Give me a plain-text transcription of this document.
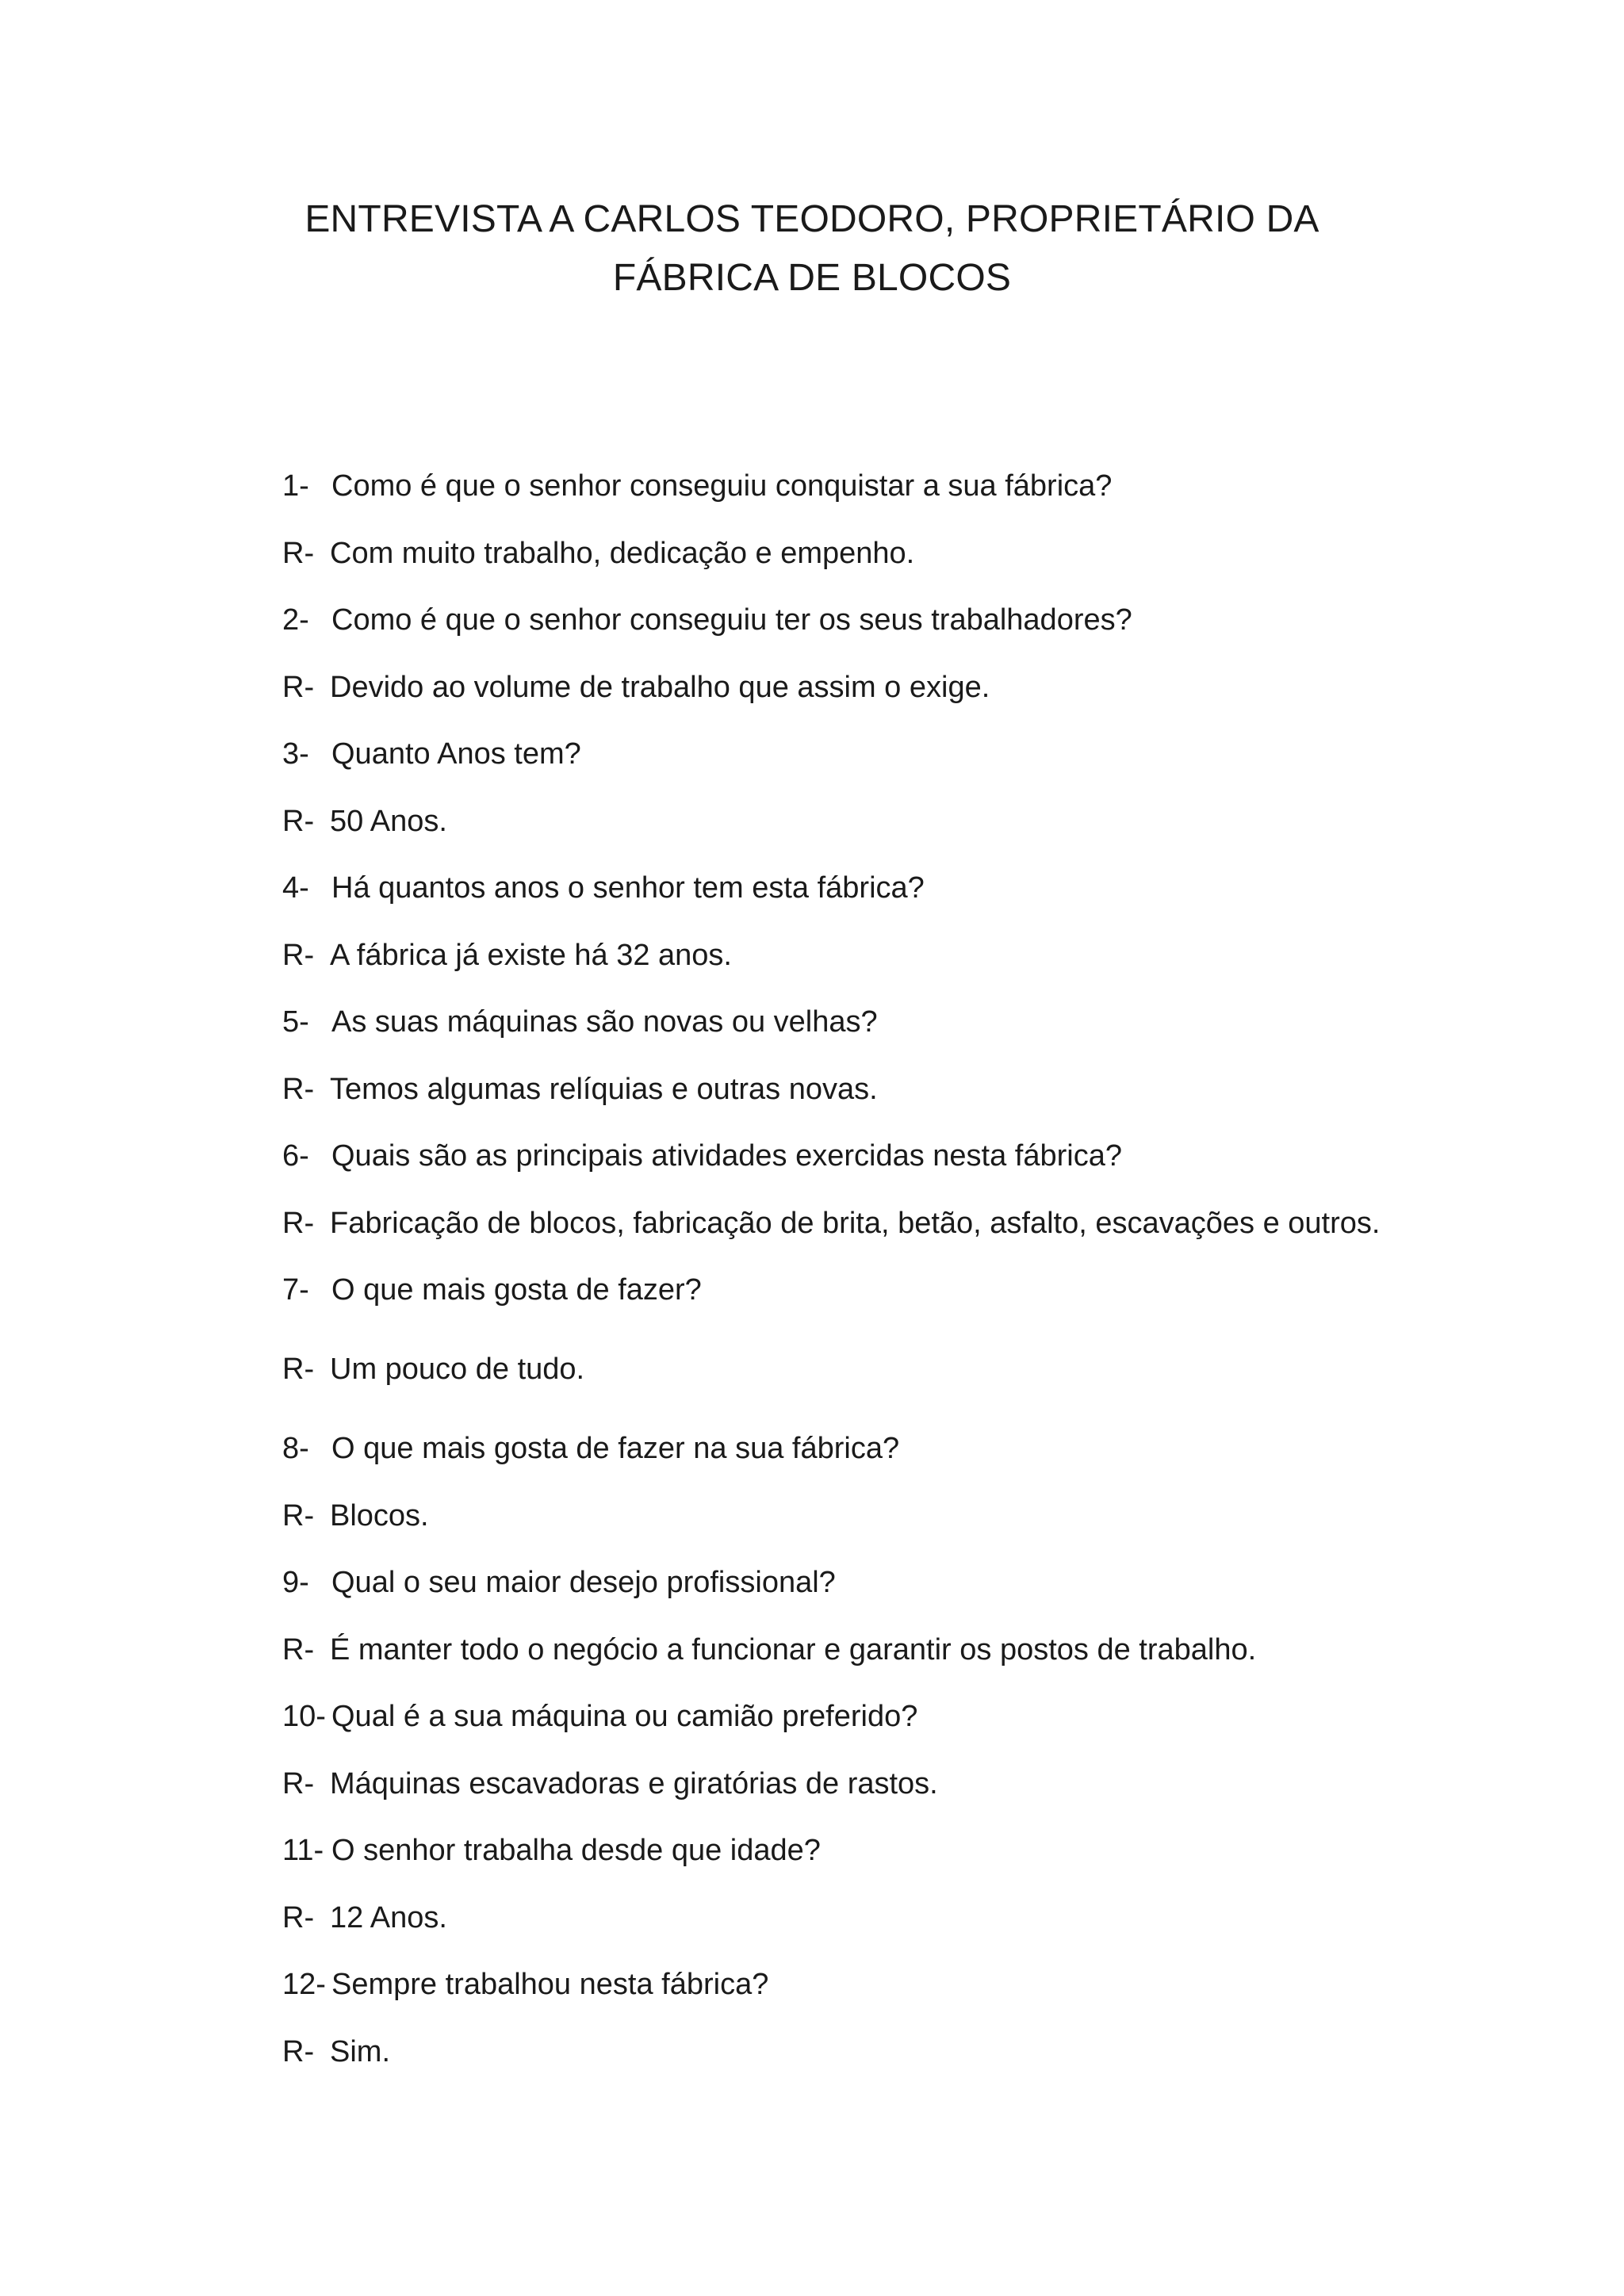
ENTREVISTA A CARLOS TEODORO, PROPRIETÁRIO DA
FÁBRICA DE BLOCOS
1- Como é que o senhor conseguiu conquistar a sua fábrica?
R- Com muito trabalho, dedicação e empenho.
2- Como é que o senhor conseguiu ter os seus trabalhadores?
R- Devido ao volume de trabalho que assim o exige.
3- Quanto Anos tem?
R- 50 Anos.
4- Há quantos anos o senhor tem esta fábrica?
R- A fábrica já existe há 32 anos.
5- As suas máquinas são novas ou velhas?
R- Temos algumas relíquias e outras novas.
6- Quais são as principais atividades exercidas nesta fábrica?
R- Fabricação de blocos, fabricação de brita, betão, asfalto, escavações e outros.
7- O que mais gosta de fazer?
R- Um pouco de tudo.
8- O que mais gosta de fazer na sua fábrica?
R- Blocos.
9- Qual o seu maior desejo profissional?
R- É manter todo o negócio a funcionar e garantir os postos de trabalho.
10- Qual é a sua máquina ou camião preferido?
R- Máquinas escavadoras e giratórias de rastos.
11- O senhor trabalha desde que idade?
R- 12 Anos.
12- Sempre trabalhou nesta fábrica?
R- Sim.
